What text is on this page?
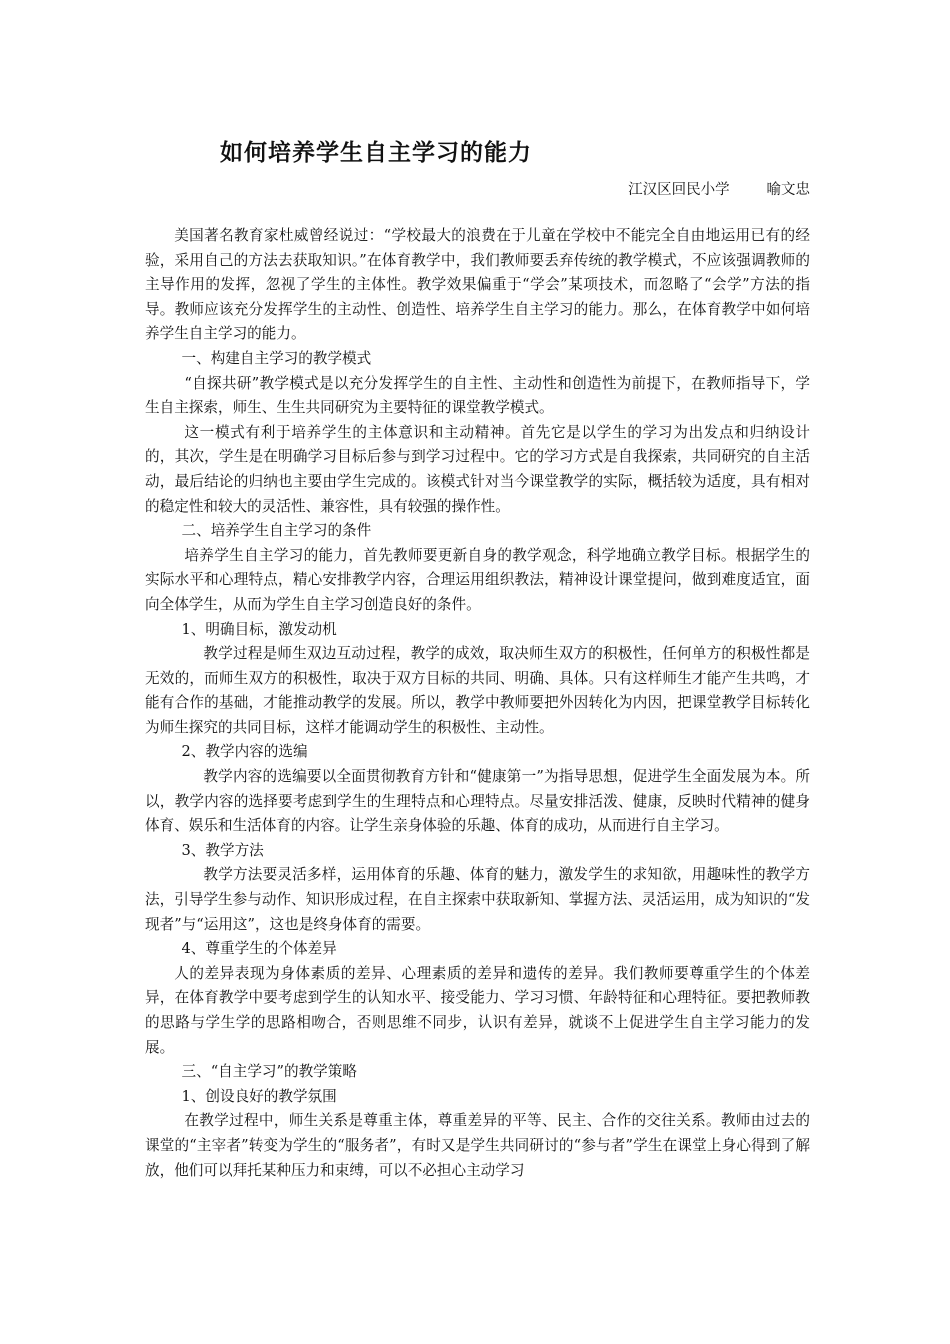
如何培养学生自主学习的能力
江汉区回民小学        喻文忠

美国著名教育家杜威曾经说过：“学校最大的浪费在于儿童在学校中不能完全自由地运用已有的经验，采用自己的方法去获取知识。”在体育教学中，我们教师要丢弃传统的教学模式，不应该强调教师的主导作用的发挥，忽视了学生的主体性。教学效果偏重于“学会”某项技术，而忽略了“会学”方法的指导。教师应该充分发挥学生的主动性、创造性、培养学生自主学习的能力。那么，在体育教学中如何培养学生自主学习的能力。

一、构建自主学习的教学模式

“自探共研”教学模式是以充分发挥学生的自主性、主动性和创造性为前提下，在教师指导下，学生自主探索，师生、生生共同研究为主要特征的课堂教学模式。

这一模式有利于培养学生的主体意识和主动精神。首先它是以学生的学习为出发点和归纳设计的，其次，学生是在明确学习目标后参与到学习过程中。它的学习方式是自我探索，共同研究的自主活动，最后结论的归纳也主要由学生完成的。该模式针对当今课堂教学的实际，概括较为适度，具有相对的稳定性和较大的灵活性、兼容性，具有较强的操作性。

二、培养学生自主学习的条件

培养学生自主学习的能力，首先教师要更新自身的教学观念，科学地确立教学目标。根据学生的实际水平和心理特点，精心安排教学内容，合理运用组织教法，精神设计课堂提问，做到难度适宜，面向全体学生，从而为学生自主学习创造良好的条件。

1、明确目标，激发动机

教学过程是师生双边互动过程，教学的成效，取决师生双方的积极性，任何单方的积极性都是无效的，而师生双方的积极性，取决于双方目标的共同、明确、具体。只有这样师生才能产生共鸣，才能有合作的基础，才能推动教学的发展。所以，教学中教师要把外因转化为内因，把课堂教学目标转化为师生探究的共同目标，这样才能调动学生的积极性、主动性。

2、教学内容的选编

教学内容的选编要以全面贯彻教育方针和“健康第一”为指导思想，促进学生全面发展为本。所以，教学内容的选择要考虑到学生的生理特点和心理特点。尽量安排活泼、健康，反映时代精神的健身体育、娱乐和生活体育的内容。让学生亲身体验的乐趣、体育的成功，从而进行自主学习。

3、教学方法

教学方法要灵活多样，运用体育的乐趣、体育的魅力，激发学生的求知欲，用趣味性的教学方法，引导学生参与动作、知识形成过程，在自主探索中获取新知、掌握方法、灵活运用，成为知识的“发现者”与“运用这”，这也是终身体育的需要。

4、尊重学生的个体差异

人的差异表现为身体素质的差异、心理素质的差异和遗传的差异。我们教师要尊重学生的个体差异，在体育教学中要考虑到学生的认知水平、接受能力、学习习惯、年龄特征和心理特征。要把教师教的思路与学生学的思路相吻合，否则思维不同步，认识有差异，就谈不上促进学生自主学习能力的发展。

三、“自主学习”的教学策略

1、创设良好的教学氛围

在教学过程中，师生关系是尊重主体，尊重差异的平等、民主、合作的交往关系。教师由过去的课堂的“主宰者”转变为学生的“服务者”，有时又是学生共同研讨的“参与者”学生在课堂上身心得到了解放，他们可以拜托某种压力和束缚，可以不必担心主动学习
